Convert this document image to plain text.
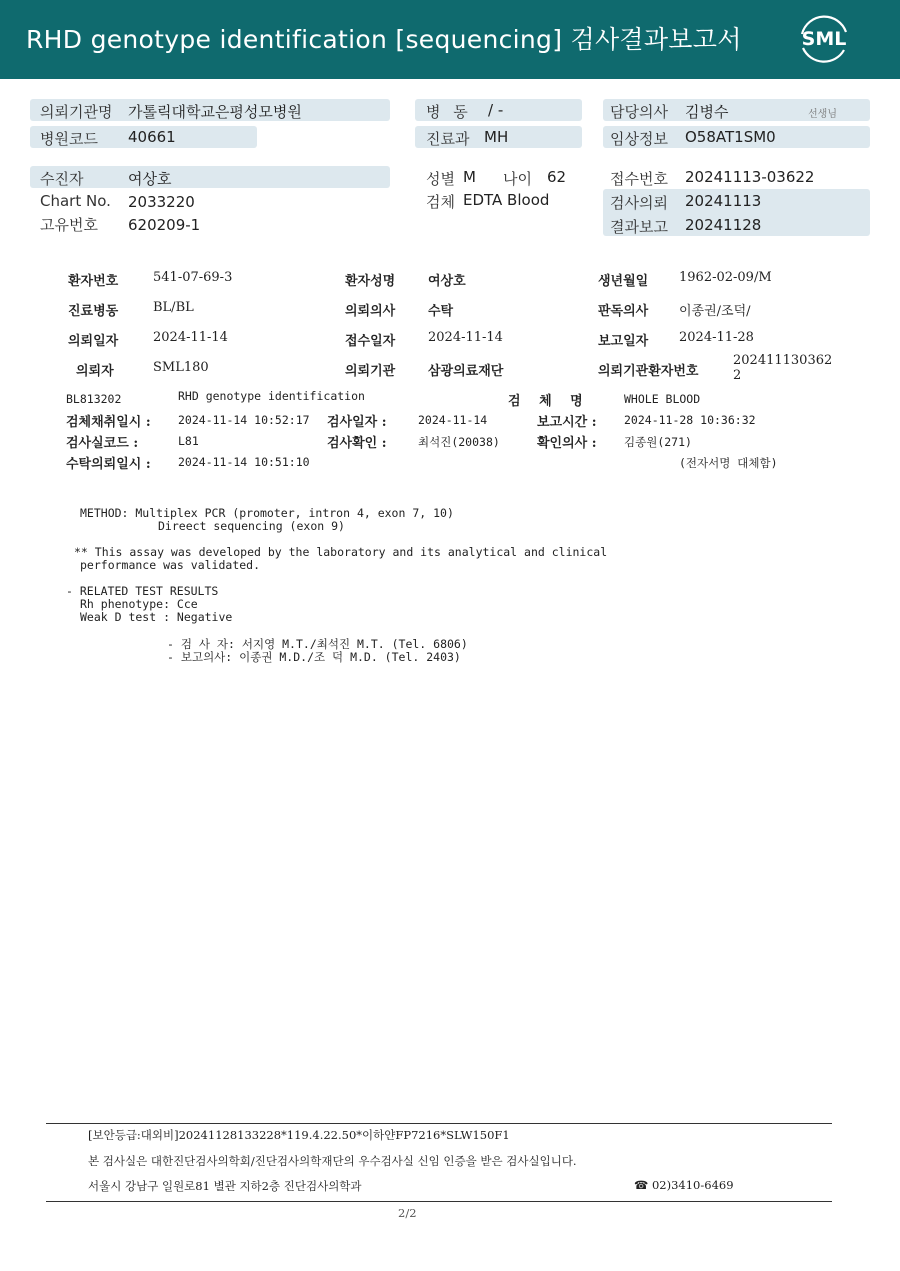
RHD genotype identification [sequencing] 검사결과보고서	SML
의뢰기관명 가톨릭대학교은평성모병원
병원코드 40661
병 동 / -
진료과 MH
담당의사 김병수	선생님
임상정보 O58AT1SM0
수진자	여상호
Chart No. 2033220
고유번호 620209-1
성별 M 나이 62
검체 EDTA Blood
접수번호 20241113-03622
검사의뢰 20241113
결과보고 20241128
환자번호	541-07-69-3	환자성명	여상호	생년월일 1962-02-09/M
진료병동	BL/BL	의뢰의사	수탁	판독의사 이종권/조덕/
의뢰일자	2024-11-14	접수일자	2024-11-14	보고일자 2024-11-28
의뢰자	SML180	의뢰기관	삼광의료재단	의뢰기관환자번호
202411130362
2
BL813202	RHD genotype identification	검 체 명	WHOLE BLOOD
검체채취일시 : 2024-11-14 10:52:17 검사일자 :	2024-11-14	보고시간 : 2024-11-28 10:36:32
검사실코드 :	L81	검사확인 :	최석진(20038)	확인의사 : 김종원(271)
수탁의뢰일시 : 2024-11-14 10:51:10	(전자서명 대체함)
METHOD: Multiplex PCR (promoter, intron 4, exon 7, 10)
Direect sequencing (exon 9)
** This assay was developed by the laboratory and its analytical and clinical
performance was validated.
- RELATED TEST RESULTS
Rh phenotype: Cce
Weak D test : Negative
- 검 사 자: 서지영 M.T./최석진 M.T. (Tel. 6806)
- 보고의사: 이종권 M.D./조 덕 M.D. (Tel. 2403)
[보안등급:대외비]20241128133228*119.4.22.50*이하얀FP7216*SLW150F1
본 검사실은 대한진단검사의학회/진단검사의학재단의 우수검사실 신임 인증을 받은 검사실입니다.
서울시 강남구 일원로81 별관 지하2층 진단검사의학과	☎ 02)3410-6469
2/2
